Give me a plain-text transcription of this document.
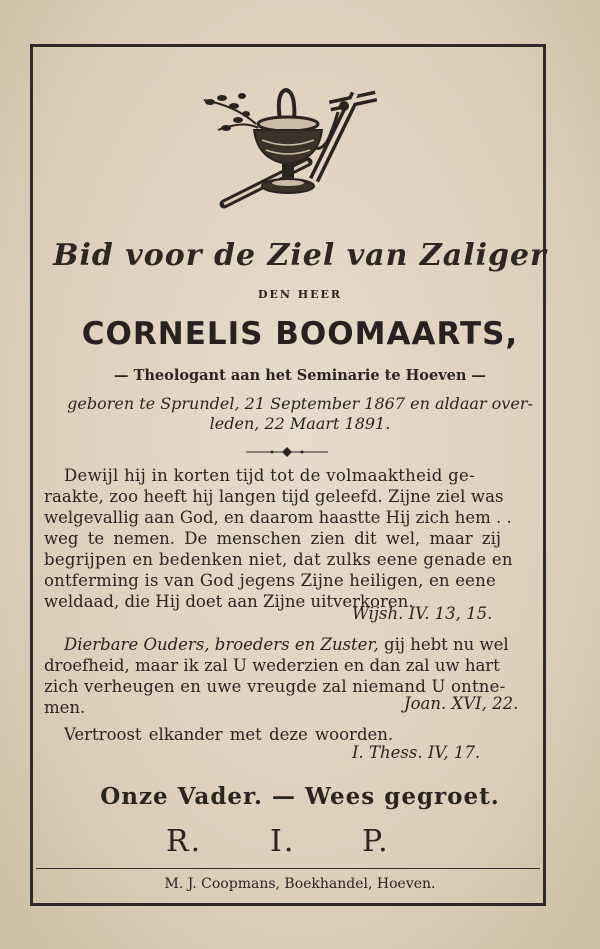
Bid voor de Ziel van Zaliger
DEN HEER
CORNELIS BOOMAARTS,
— Theologant aan het Seminarie te Hoeven —
geboren te Sprundel, 21 September 1867 en aldaar over-
leden, 22 Maart 1891.
Dewijl hij in korten tijd tot de volmaaktheid ge-
raakte, zoo heeft hij langen tijd geleefd. Zijne ziel was
welgevallig aan God, en daarom haastte Hij zich hem . .
weg te nemen. De menschen zien dit wel, maar zij
begrijpen en bedenken niet, dat zulks eene genade en
ontferming is van God jegens Zijne heiligen, en eene
weldaad, die Hij doet aan Zijne uitverkoren.
Wijsh. IV. 13, 15.
Dierbare Ouders, broeders en Zuster, gij hebt nu wel
droefheid, maar ik zal U wederzien en dan zal uw hart
zich verheugen en uwe vreugde zal niemand U ontne-
men.	Joan. XVI, 22.
Vertroost elkander met deze woorden.
I. Thess. IV, 17.
Onze Vader. — Wees gegroet.
R. I. P.
M. J. Coopmans, Boekhandel, Hoeven.
